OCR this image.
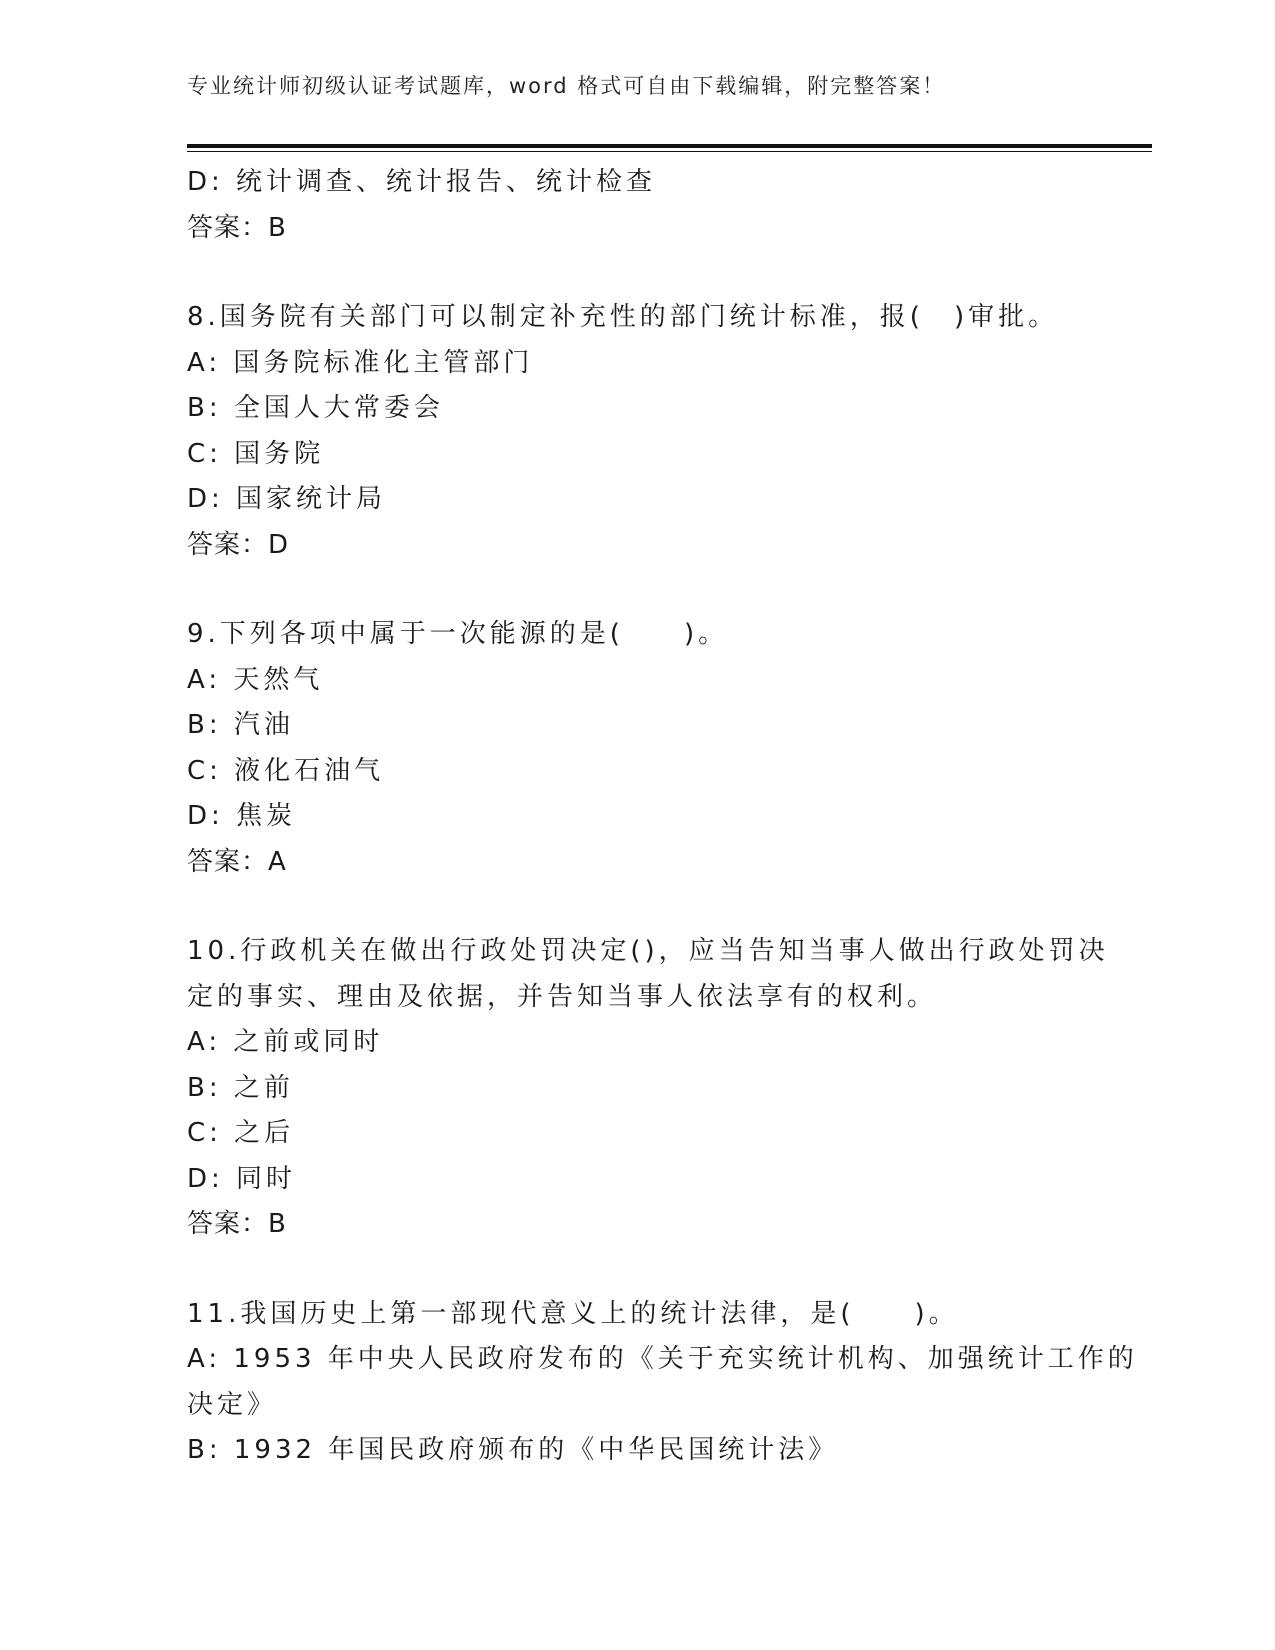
专业统计师初级认证考试题库，word 格式可自由下载编辑，附完整答案！
D: 统计调查、统计报告、统计检查
答案：B
8.国务院有关部门可以制定补充性的部门统计标准，报(　)审批。
A: 国务院标准化主管部门
B: 全国人大常委会
C: 国务院
D: 国家统计局
答案：D
9.下列各项中属于一次能源的是(　　)。
A: 天然气
B: 汽油
C: 液化石油气
D: 焦炭
答案：A
10.行政机关在做出行政处罚决定()，应当告知当事人做出行政处罚决
定的事实、理由及依据，并告知当事人依法享有的权利。
A: 之前或同时
B: 之前
C: 之后
D: 同时
答案：B
11.我国历史上第一部现代意义上的统计法律，是(　　)。
A: 1953 年中央人民政府发布的《关于充实统计机构、加强统计工作的
决定》
B: 1932 年国民政府颁布的《中华民国统计法》
